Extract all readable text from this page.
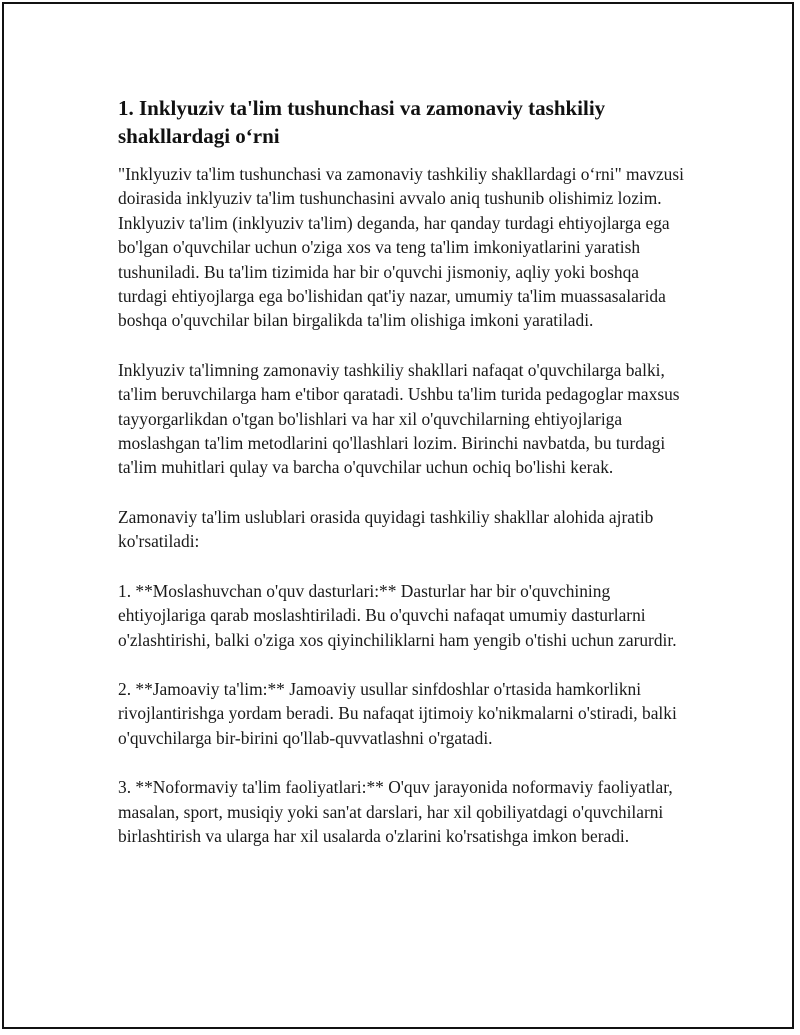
1. Inklyuziv ta'lim tushunchasi va zamonaviy tashkiliy shakllardagi o‘rni

"Inklyuziv ta'lim tushunchasi va zamonaviy tashkiliy shakllardagi o‘rni" mavzusi doirasida inklyuziv ta'lim tushunchasini avvalo aniq tushunib olishimiz lozim. Inklyuziv ta'lim (inklyuziv ta'lim) deganda, har qanday turdagi ehtiyojlarga ega bo'lgan o'quvchilar uchun o'ziga xos va teng ta'lim imkoniyatlarini yaratish tushuniladi. Bu ta'lim tizimida har bir o'quvchi jismoniy, aqliy yoki boshqa turdagi ehtiyojlarga ega bo'lishidan qat'iy nazar, umumiy ta'lim muassasalarida boshqa o'quvchilar bilan birgalikda ta'lim olishiga imkoni yaratiladi.

Inklyuziv ta'limning zamonaviy tashkiliy shakllari nafaqat o'quvchilarga balki, ta'lim beruvchilarga ham e'tibor qaratadi. Ushbu ta'lim turida pedagoglar maxsus tayyorgarlikdan o'tgan bo'lishlari va har xil o'quvchilarning ehtiyojlariga moslashgan ta'lim metodlarini qo'llashlari lozim. Birinchi navbatda, bu turdagi ta'lim muhitlari qulay va barcha o'quvchilar uchun ochiq bo'lishi kerak.

Zamonaviy ta'lim uslublari orasida quyidagi tashkiliy shakllar alohida ajratib ko'rsatiladi:

1. **Moslashuvchan o'quv dasturlari:** Dasturlar har bir o'quvchining ehtiyojlariga qarab moslashtiriladi. Bu o'quvchi nafaqat umumiy dasturlarni o'zlashtirishi, balki o'ziga xos qiyinchiliklarni ham yengib o'tishi uchun zarurdir.

2. **Jamoaviy ta'lim:** Jamoaviy usullar sinfdoshlar o'rtasida hamkorlikni rivojlantirishga yordam beradi. Bu nafaqat ijtimoiy ko'nikmalarni o'stiradi, balki o'quvchilarga bir-birini qo'llab-quvvatlashni o'rgatadi.

3. **Noformaviy ta'lim faoliyatlari:** O'quv jarayonida noformaviy faoliyatlar, masalan, sport, musiqiy yoki san'at darslari, har xil qobiliyatdagi o'quvchilarni birlashtirish va ularga har xil usalarda o'zlarini ko'rsatishga imkon beradi.
